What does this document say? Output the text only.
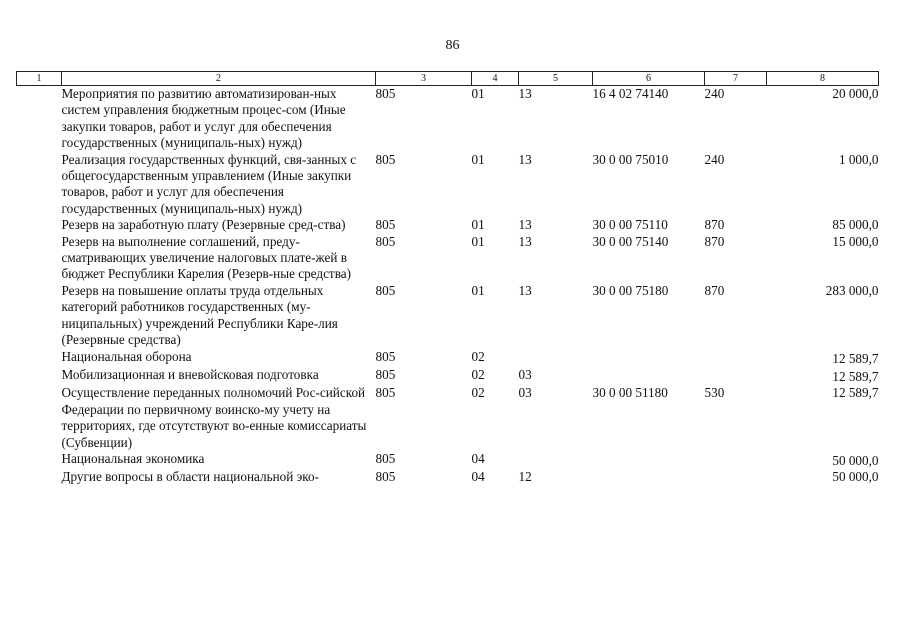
86
1	2	3	4	5	6	7	8
	Мероприятия по развитию автоматизирован-ных систем управления бюджетным процес-сом (Иные закупки товаров, работ и услуг для обеспечения государственных (муниципаль-ных) нужд)	805	01	13	16 4 02 74140	240	20 000,0
	Реализация государственных функций, свя-занных с общегосударственным управлением (Иные закупки товаров, работ и услуг для обеспечения государственных (муниципаль-ных) нужд)	805	01	13	30 0 00 75010	240	1 000,0
	Резерв на заработную плату (Резервные сред-ства)	805	01	13	30 0 00 75110	870	85 000,0
	Резерв на выполнение соглашений, преду-сматривающих увеличение налоговых плате-жей в бюджет Республики Карелия (Резерв-ные средства)	805	01	13	30 0 00 75140	870	15 000,0
	Резерв на повышение оплаты труда отдельных категорий работников государственных (му-ниципальных) учреждений Республики Каре-лия (Резервные средства)	805	01	13	30 0 00 75180	870	283 000,0
	Национальная оборона	805	02				12 589,7
	Мобилизационная и вневойсковая подготовка	805	02	03			12 589,7
	Осуществление переданных полномочий Рос-сийской Федерации по первичному воинско-му учету на территориях, где отсутствуют во-енные комиссариаты (Субвенции)	805	02	03	30 0 00 51180	530	12 589,7
	Национальная экономика	805	04				50 000,0
	Другие вопросы в области национальной эко-	805	04	12			50 000,0
